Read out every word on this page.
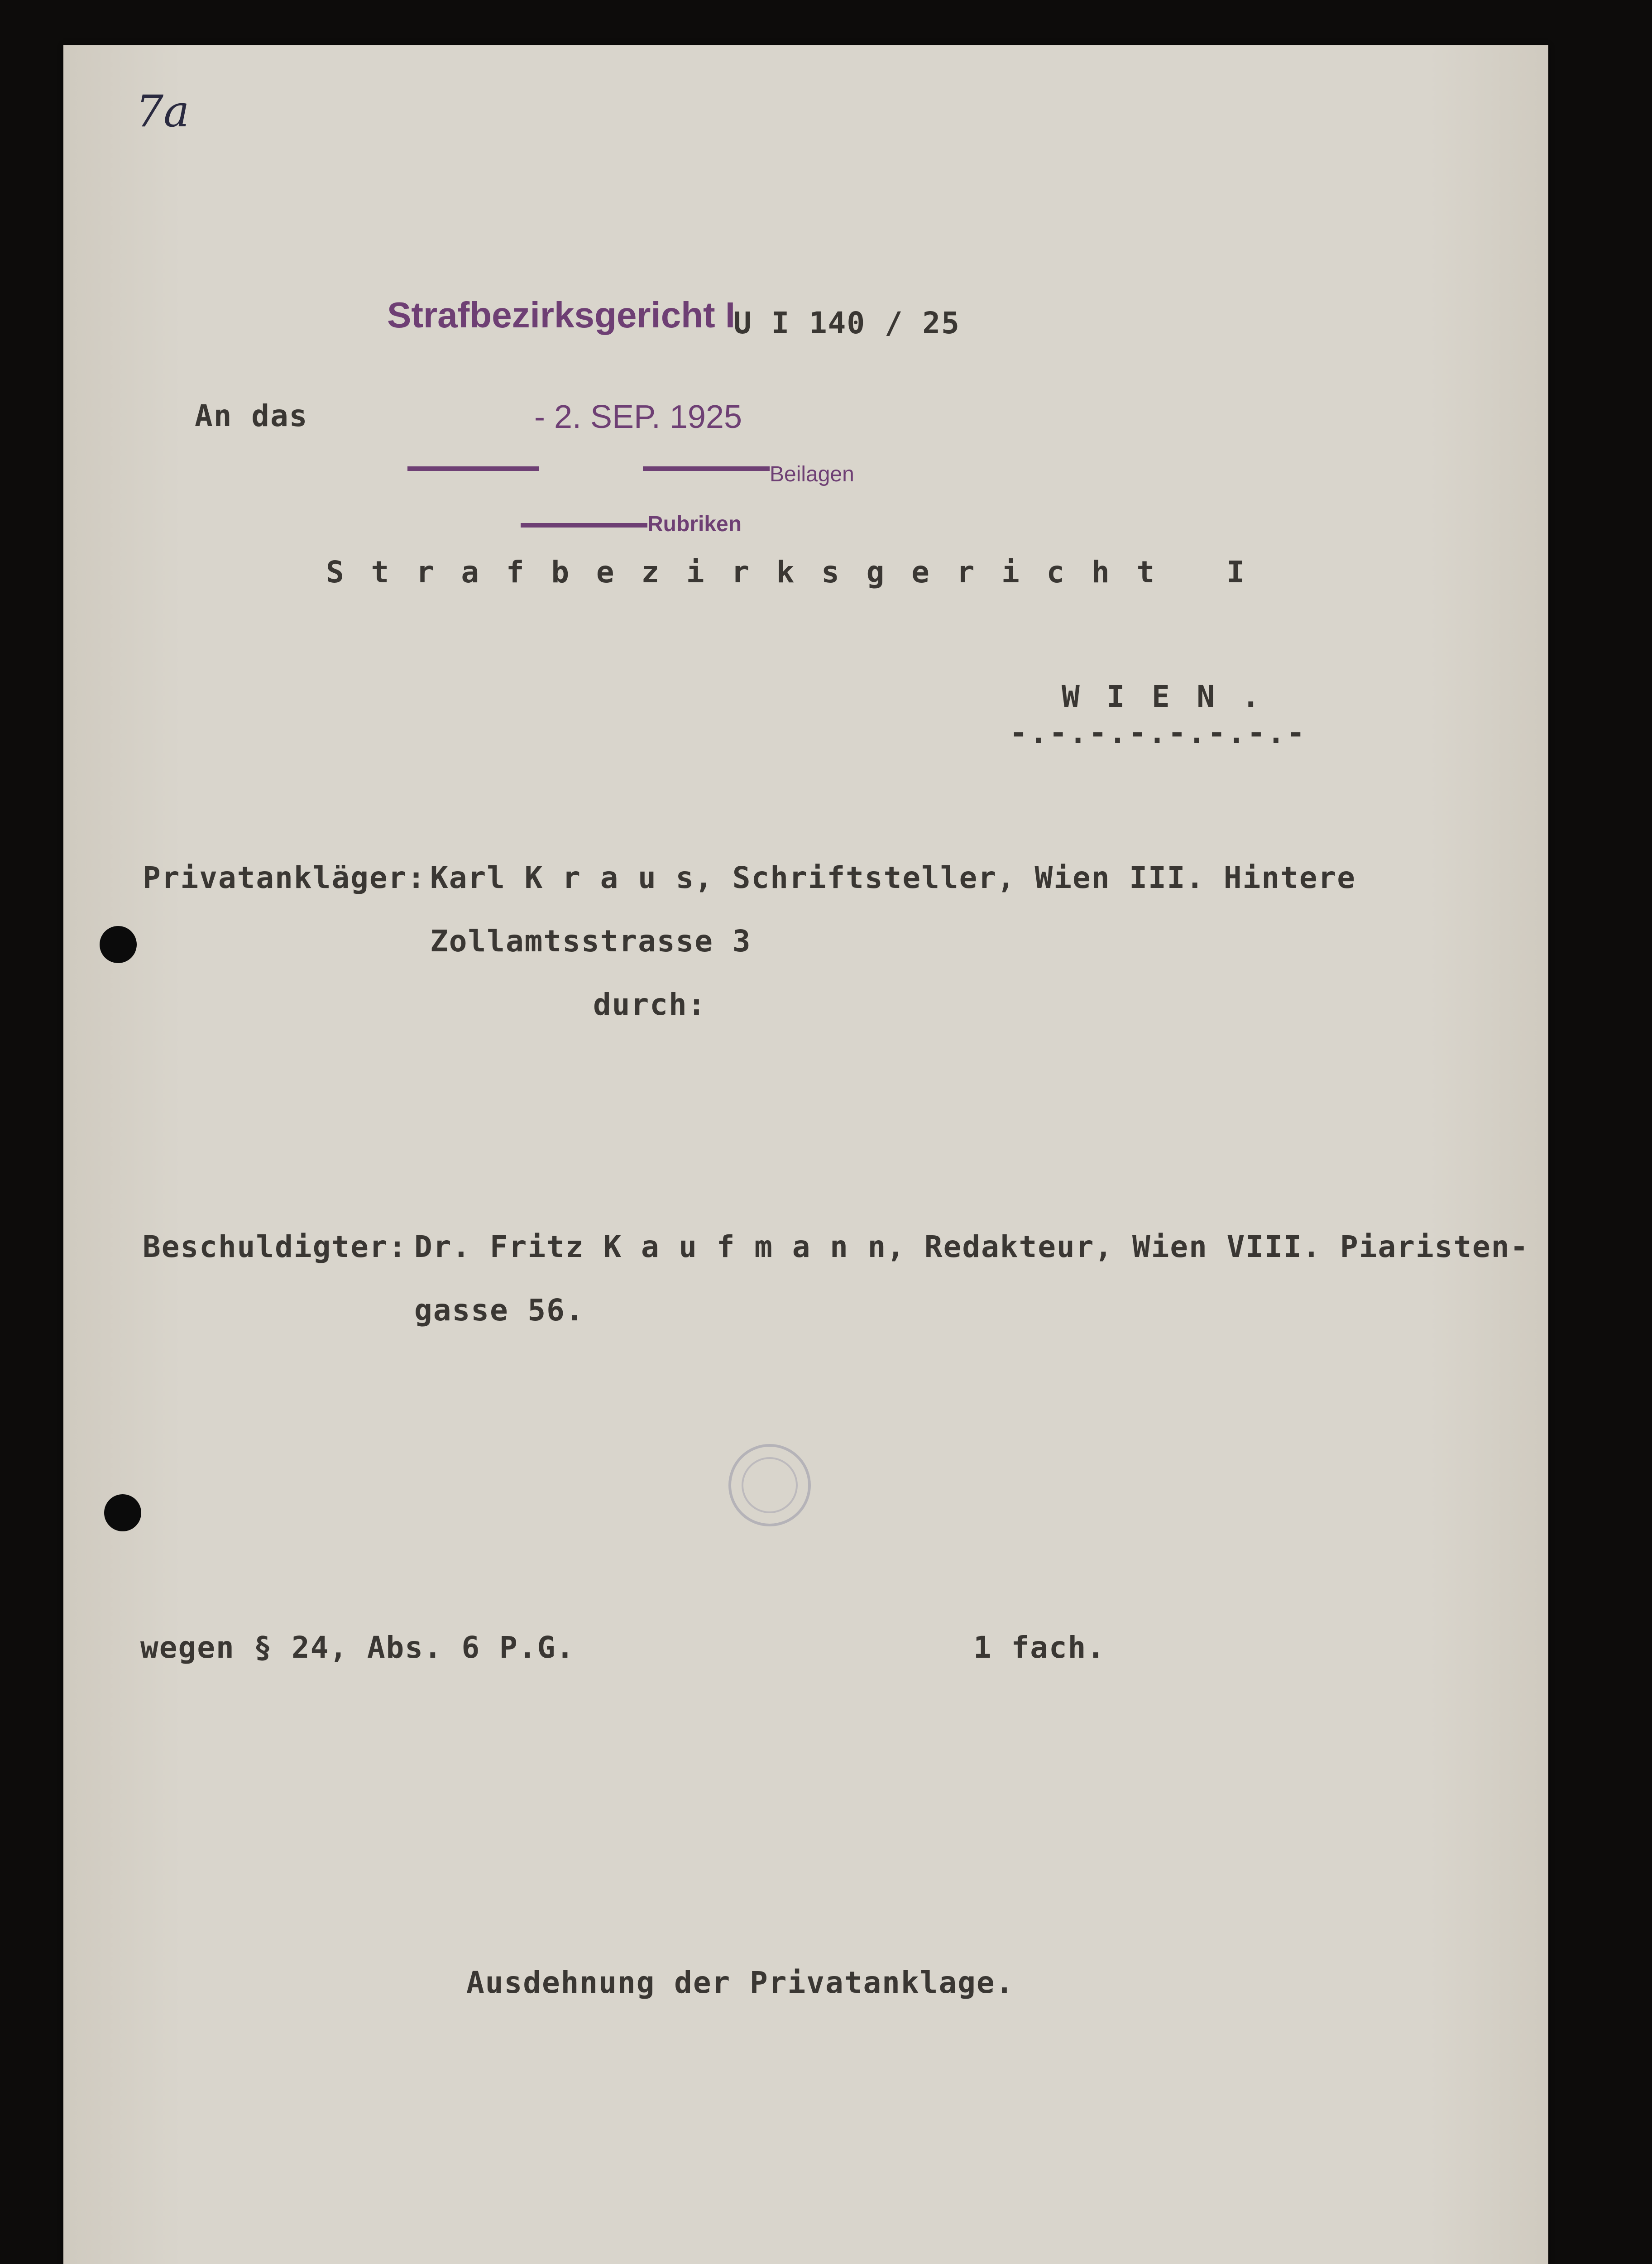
7a
Strafbezirksgericht I
- 2. SEP. 1925
Beilagen
Rubriken
U I 140 / 25
An das
S t r a f b e z i r k s g e r i c h t   I
W I E N .
-.-.-.-.-.-.-.-
Privatankläger: Karl K r a u s, Schriftsteller, Wien III. Hintere
Zollamtsstrasse 3
durch:
Beschuldigter: Dr. Fritz K a u f m a n n, Redakteur, Wien VIII. Piaristen-
gasse 56.
wegen § 24, Abs. 6 P.G.	1 fach.
Ausdehnung der Privatanklage.
